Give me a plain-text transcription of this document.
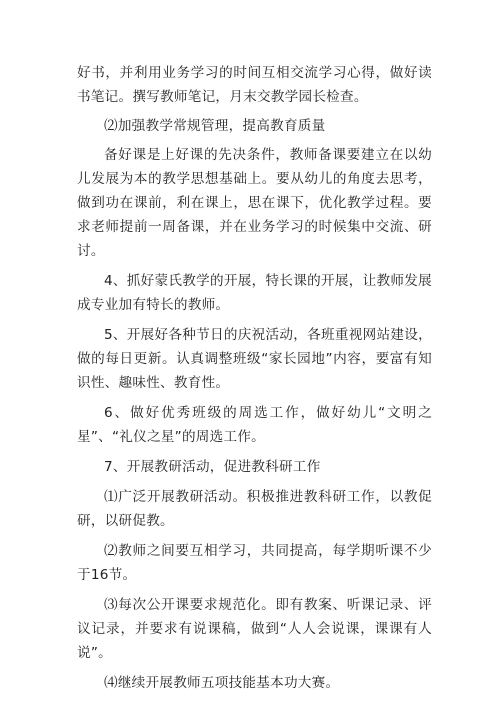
好书，并利用业务学习的时间互相交流学习心得，做好读书笔记。撰写教师笔记，月末交教学园长检查。

⑵加强教学常规管理，提高教育质量

备好课是上好课的先决条件，教师备课要建立在以幼儿发展为本的教学思想基础上。要从幼儿的角度去思考，做到功在课前，利在课上，思在课下，优化教学过程。要求老师提前一周备课，并在业务学习的时候集中交流、研讨。

4、抓好蒙氏教学的开展，特长课的开展，让教师发展成专业加有特长的教师。

5、开展好各种节日的庆祝活动，各班重视网站建设，做的每日更新。认真调整班级“家长园地”内容，要富有知识性、趣味性、教育性。

6、做好优秀班级的周选工作，做好幼儿“文明之星”、“礼仪之星”的周选工作。

7、开展教研活动，促进教科研工作

⑴广泛开展教研活动。积极推进教科研工作，以教促研，以研促教。

⑵教师之间要互相学习，共同提高，每学期听课不少于16节。

⑶每次公开课要求规范化。即有教案、听课记录、评议记录，并要求有说课稿，做到“人人会说课，课课有人说”。

⑷继续开展教师五项技能基本功大赛。
